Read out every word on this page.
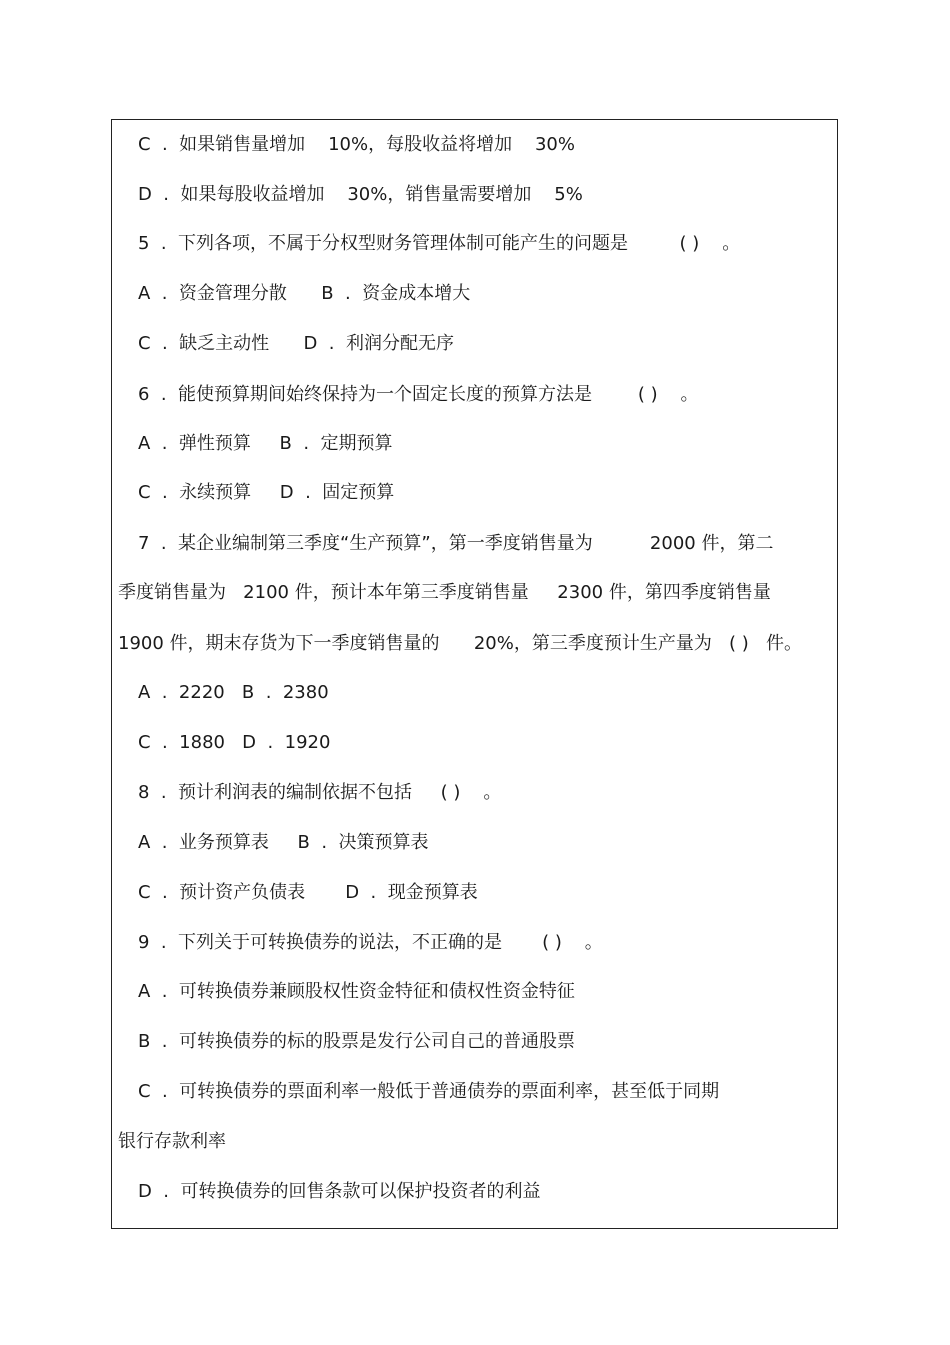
C  .  如果销售量增加    10%，每股收益将增加    30%
D  .  如果每股收益增加    30%，销售量需要增加    5%
5  .  下列各项，不属于分权型财务管理体制可能产生的问题是         ( )    。
A  .  资金管理分散      B  .  资金成本增大
C  .  缺乏主动性      D  .  利润分配无序
6  .  能使预算期间始终保持为一个固定长度的预算方法是        ( )    。
A  .  弹性预算     B  .  定期预算
C  .  永续预算     D  .  固定预算
7  .  某企业编制第三季度“生产预算”，第一季度销售量为          2000 件，第二
季度销售量为   2100 件，预计本年第三季度销售量     2300 件，第四季度销售量
1900 件，期末存货为下一季度销售量的      20%，第三季度预计生产量为   ( )   件。
A  .  2220   B  .  2380
C  .  1880   D  .  1920
8  .  预计利润表的编制依据不包括     ( )    。
A  .  业务预算表     B  .  决策预算表
C  .  预计资产负债表       D  .  现金预算表
9  .  下列关于可转换债券的说法，不正确的是       ( )    。
A  .  可转换债券兼顾股权性资金特征和债权性资金特征
B  .  可转换债券的标的股票是发行公司自己的普通股票
C  .  可转换债券的票面利率一般低于普通债券的票面利率，甚至低于同期
银行存款利率
D  .  可转换债券的回售条款可以保护投资者的利益
